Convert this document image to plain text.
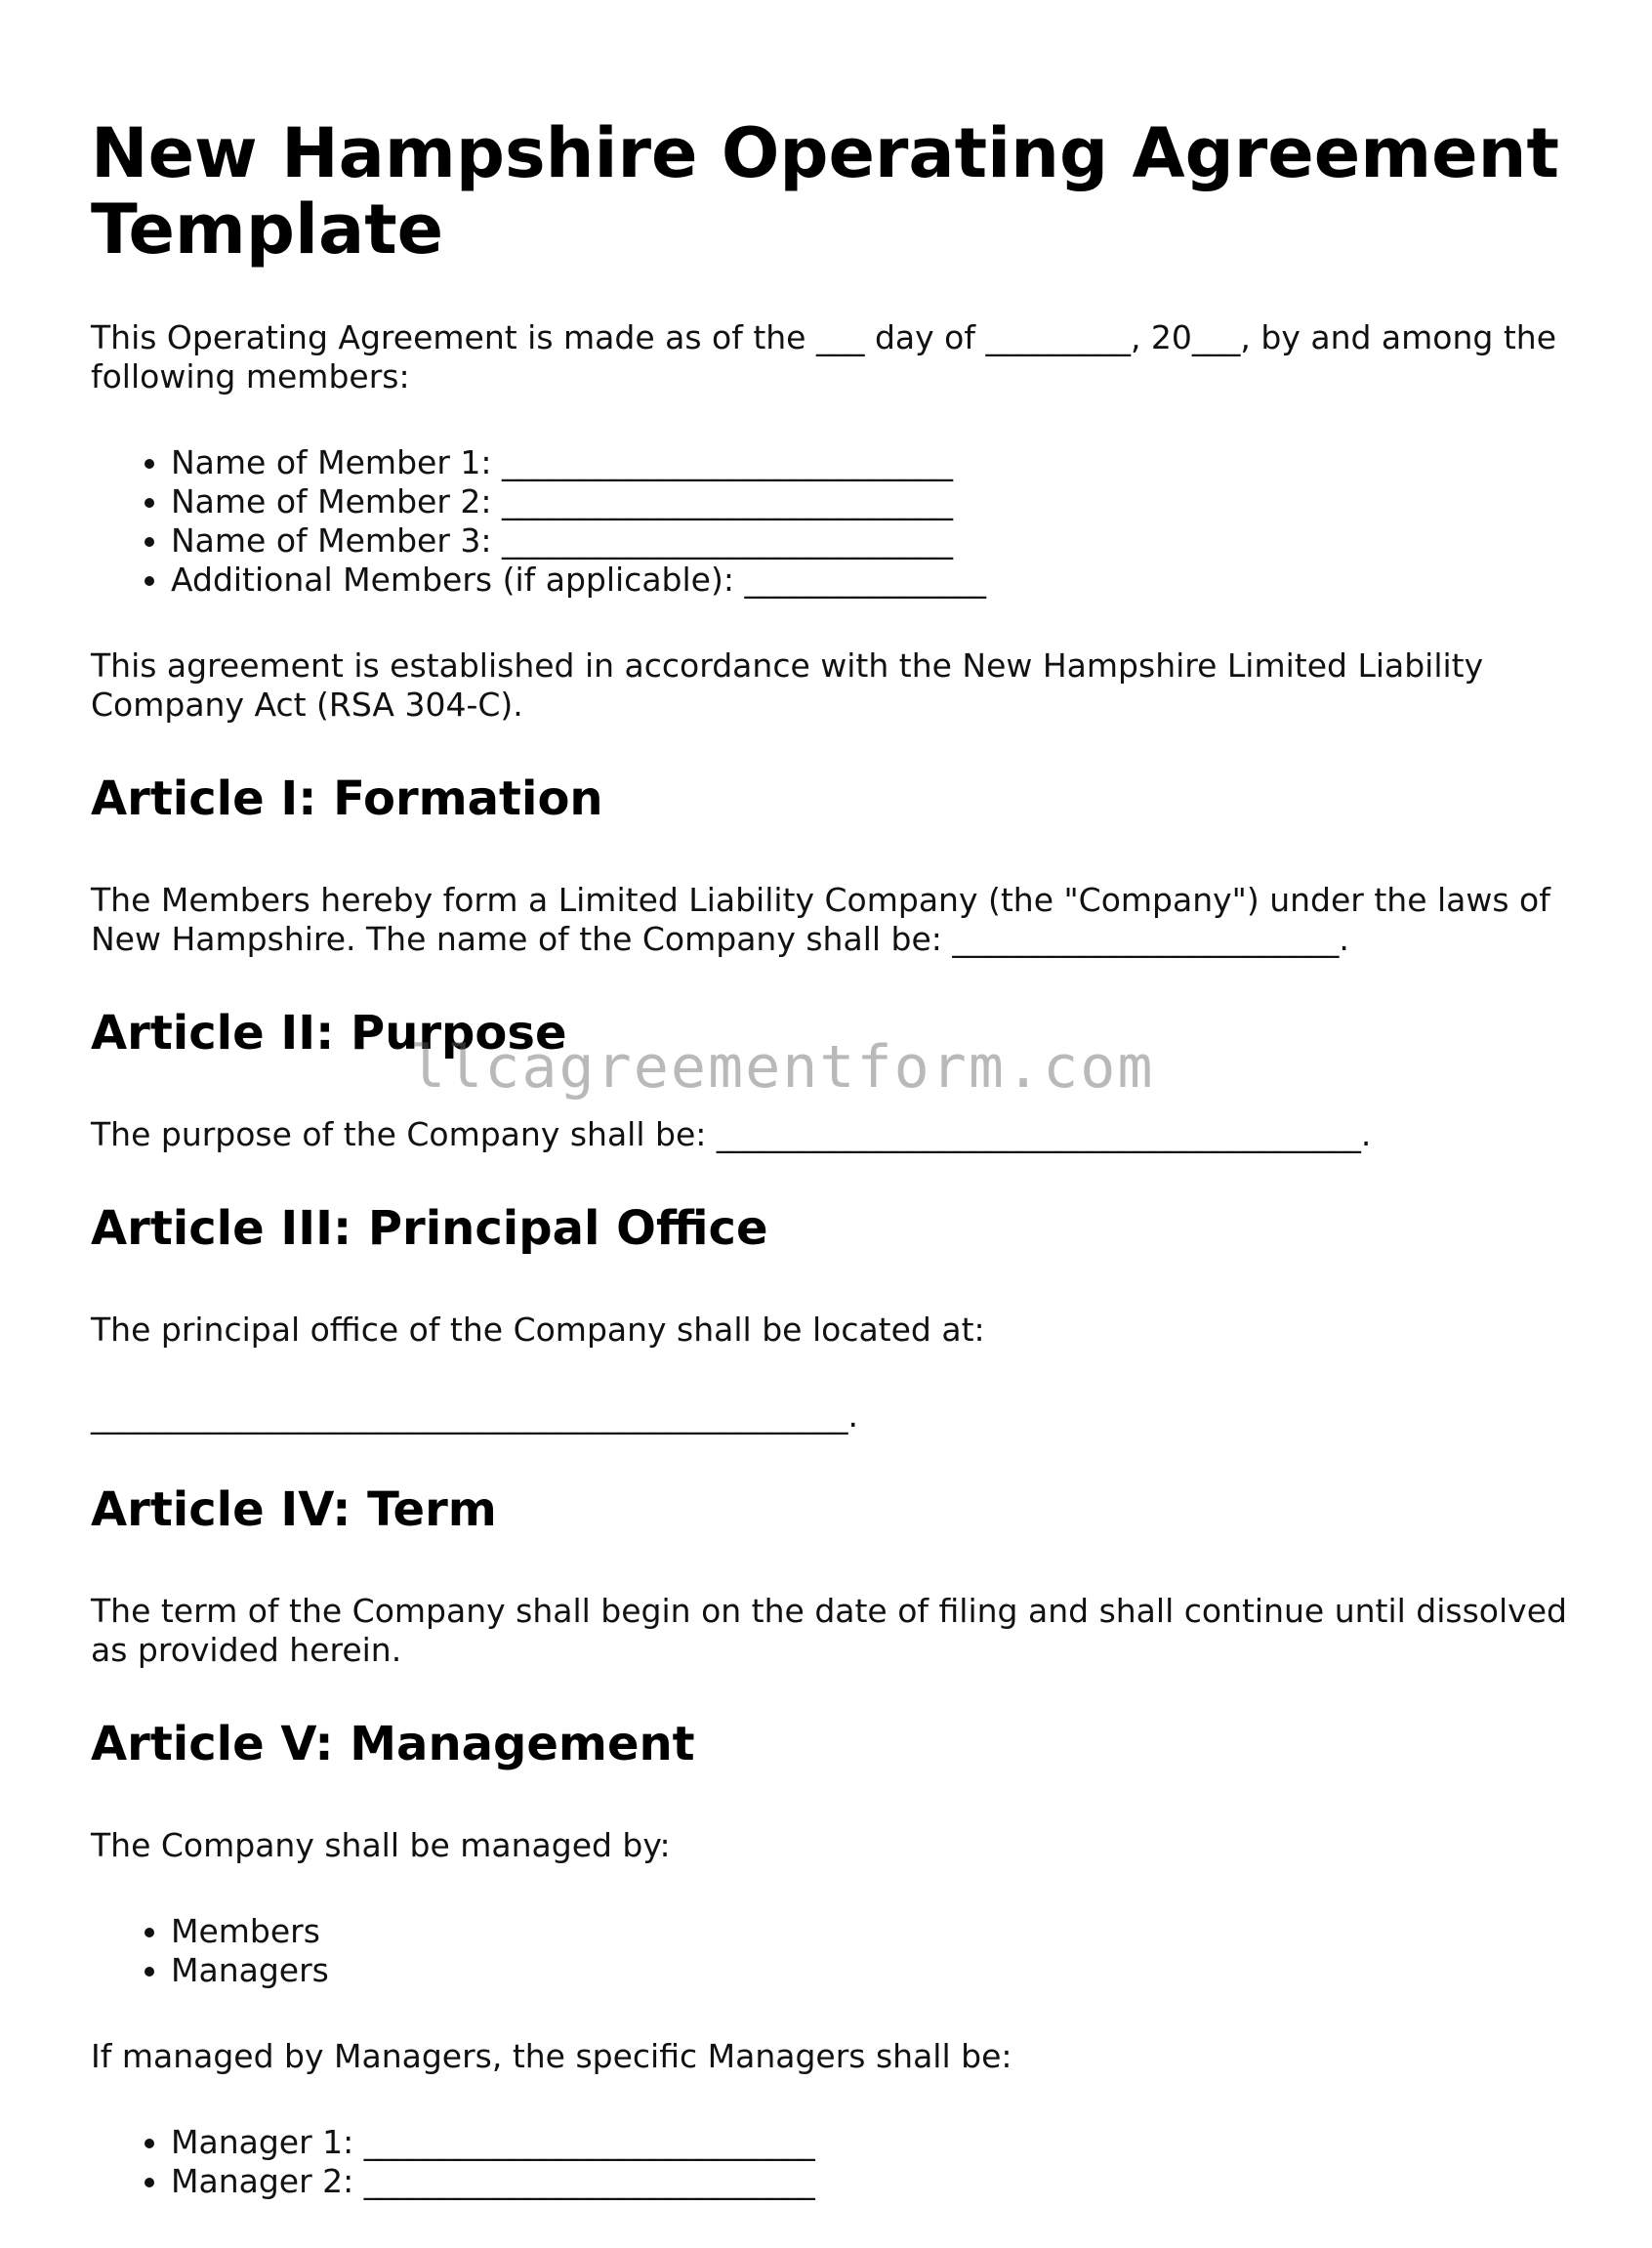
New Hampshire Operating Agreement Template

This Operating Agreement is made as of the ___ day of _________, 20___, by and among the following members:

• Name of Member 1: ____________________________
• Name of Member 2: ____________________________
• Name of Member 3: ____________________________
• Additional Members (if applicable): _______________

This agreement is established in accordance with the New Hampshire Limited Liability Company Act (RSA 304-C).

Article I: Formation

The Members hereby form a Limited Liability Company (the "Company") under the laws of New Hampshire. The name of the Company shall be: ________________________.

Article II: Purpose

The purpose of the Company shall be: ________________________________________.

Article III: Principal Office

The principal office of the Company shall be located at:

_______________________________________________.

Article IV: Term

The term of the Company shall begin on the date of filing and shall continue until dissolved as provided herein.

Article V: Management

The Company shall be managed by:

• Members
• Managers

If managed by Managers, the specific Managers shall be:

• Manager 1: ____________________________
• Manager 2: ____________________________
llcagreementform.com
